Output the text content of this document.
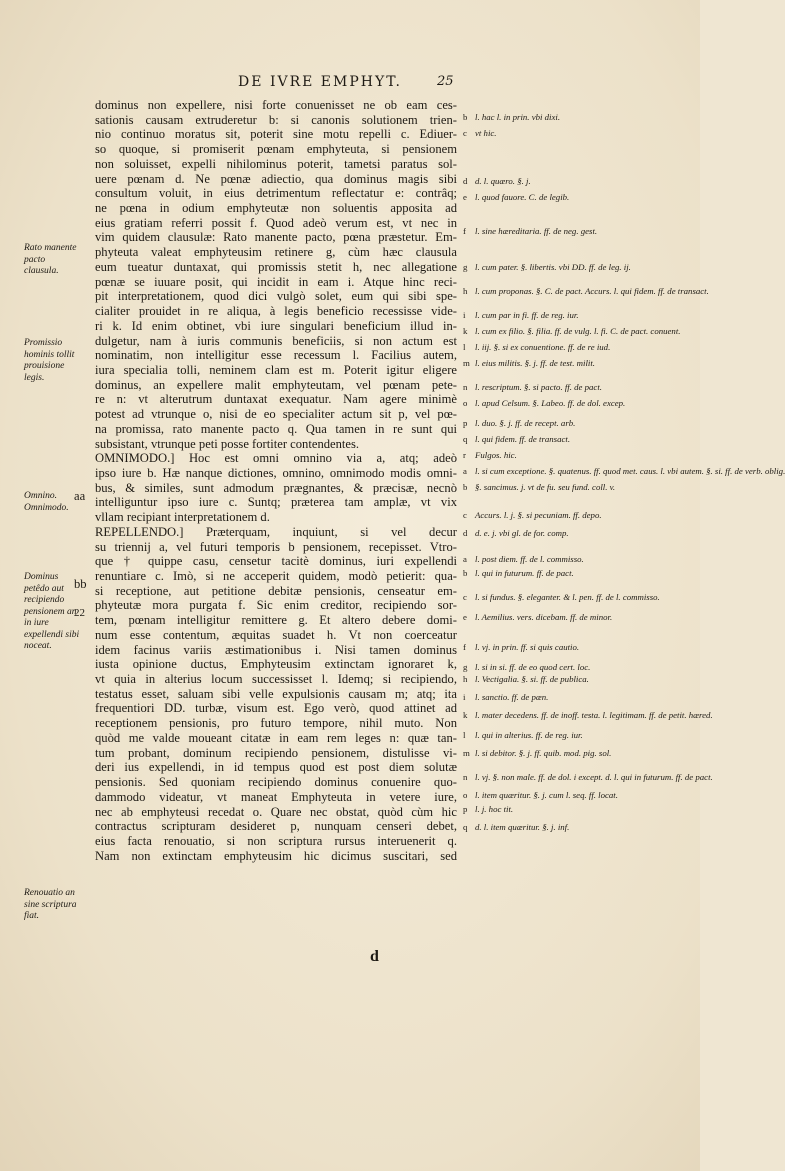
DE IVRE EMPHYT.	25
dominus non expellere, nisi forte conuenisset ne ob eam ces-
sationis causam extruderetur b: si canonis solutionem trien-
nio continuo moratus sit, poterit sine motu repelli c. Ediuer-
so quoque, si promiserit pœnam emphyteuta, si pensionem
non soluisset, expelli nihilominus poterit, tametsi paratus sol-
uere pœnam d. Ne pœnæ adiectio, qua dominus magis sibi
consultum voluit, in eius detrimentum reflectatur e: contrâq;
ne pœna in odium emphyteutæ non soluentis apposita ad
eius gratiam referri possit f. Quod adeò verum est, vt nec in
vim quidem clausulæ: Rato manente pacto, pœna præstetur. Em-
phyteuta valeat emphyteusim retinere g, cùm hæc clausula
eum tueatur duntaxat, qui promissis stetit h, nec allegatione
pœnæ se iuuare posit, qui incidit in eam i. Atque hinc reci-
pit interpretationem, quod dici vulgò solet, eum qui sibi spe-
cialiter prouidet in re aliqua, à legis beneficio recessisse vide-
ri k. Id enim obtinet, vbi iure singulari beneficium illud in-
dulgetur, nam à iuris communis beneficiis, si non actum est
nominatim, non intelligitur esse recessum l. Facilius autem,
iura specialia tolli, neminem clam est m. Poterit igitur eligere
dominus, an expellere malit emphyteutam, vel pœnam pete-
re n: vt alterutrum duntaxat exequatur. Nam agere minimè
potest ad vtrunque o, nisi de eo specialiter actum sit p, vel pœ-
na promissa, rato manente pacto q. Qua tamen in re sunt qui
subsistant, vtrunque peti posse fortiter contendentes.
OMNIMODO.] Hoc est omni omnino via a, atq; adeò
ipso iure b. Hæ nanque dictiones, omnino, omnimodo modis omni-
bus, & similes, sunt admodum prægnantes, & præcisæ, necnò
intelliguntur ipso iure c. Suntq; præterea tam amplæ, vt vix
vllam recipiant interpretationem d.
REPELLENDO.] Præterquam, inquiunt, si vel decur
su triennij a, vel futuri temporis b pensionem, recepisset. Vtro-
que † quippe casu, censetur tacitè dominus, iuri expellendi
renuntiare c. Imò, si ne acceperit quidem, modò petierit: qua-
si receptione, aut petitione debitæ pensionis, censeatur em-
phyteutæ mora purgata f. Sic enim creditor, recipiendo sor-
tem, pœnam intelligitur remittere g. Et altero debere domi-
num esse contentum, æquitas suadet h. Vt non coerceatur
idem facinus variis æstimationibus i. Nisi tamen dominus
iusta opinione ductus, Emphyteusim extinctam ignoraret k,
vt quia in alterius locum successisset l. Idemq; si recipiendo,
testatus esset, saluam sibi velle expulsionis causam m; atq; ita
frequentiori DD. turbæ, visum est. Ego verò, quod attinet ad
receptionem pensionis, pro futuro tempore, nihil muto. Non
quòd me valde moueant citatæ in eam rem leges n: quæ tan-
tum probant, dominum recipiendo pensionem, distulisse vi-
deri ius expellendi, in id tempus quod est post diem solutæ
pensionis. Sed quoniam recipiendo dominus conuenire quo-
dammodo videatur, vt maneat Emphyteuta in vetere iure,
nec ab emphyteusi recedat o. Quare nec obstat, quòd cùm hic
contractus scripturam desideret p, nunquam censeri debet,
eius facta renouatio, si non scriptura rursus interuenerit q.
Nam non extinctam emphyteusim hic dicimus suscitari, sed
aa
bb
22
Rato manente pacto clausula.
Promissio hominis tollit prouisione legis.
Omnino. Omnimodo.
Dominus petêdo aut recipiendo pensionem an in iure expellendi sibi noceat.
Renouatio an sine scriptura fiat.
b l. hac l. in prin. vbi dixi.
c vt hic.
d d. l. quæro. §. j.
e l. quod fauore. C. de legib.
f l. sine hæreditaria. ff. de neg. gest.
g l. cum pater. §. libertis. vbi DD. ff. de leg. ij.
h l. cum proponas. §. C. de pact. Accurs. l. qui fidem. ff. de transact.
i l. cum par in fi. ff. de reg. iur.
k l. cum ex filio. §. filia. ff. de vulg. l. fi. C. de pact. conuent.
l l. iij. §. si ex conuentione. ff. de re iud.
m l. eius militis. §. j. ff. de test. milit.
n l. rescriptum. §. si pacto. ff. de pact.
o l. apud Celsum. §. Labeo. ff. de dol. excep.
p l. duo. §. j. ff. de recept. arb.
q l. qui fidem. ff. de transact.
r Fulgos. hic.
a l. si cum exceptione. §. quatenus. ff. quod met. caus. l. vbi autem. §. si. ff. de verb. oblig.
b §. sancimus. j. vt de fu. seu fund. coll. v.
c Accurs. l. j. §. si pecuniam. ff. depo.
d d. e. j. vbi gl. de for. comp.
a l. post diem. ff. de l. commisso.
b l. qui in futurum. ff. de pact.
c l. si fundus. §. eleganter. & l. pen. ff. de l. commisso.
e l. Aemilius. vers. dicebam. ff. de minor.
f l. vj. in prin. ff. si quis cautio.
g l. si in si. ff. de eo quod cert. loc.
h l. Vectigalia. §. si. ff. de publica.
i l. sanctio. ff. de pæn.
k l. mater decedens. ff. de inoff. testa. l. legitimam. ff. de petit. hæred.
l l. qui in alterius. ff. de reg. iur.
m l. si debitor. §. j. ff. quib. mod. pig. sol.
n l. vj. §. non male. ff. de dol. i except. d. l. qui in futurum. ff. de pact.
o l. item quæritur. §. j. cum l. seq. ff. locat.
p l. j. hoc tit.
q d. l. item quæritur. §. j. inf.
d
